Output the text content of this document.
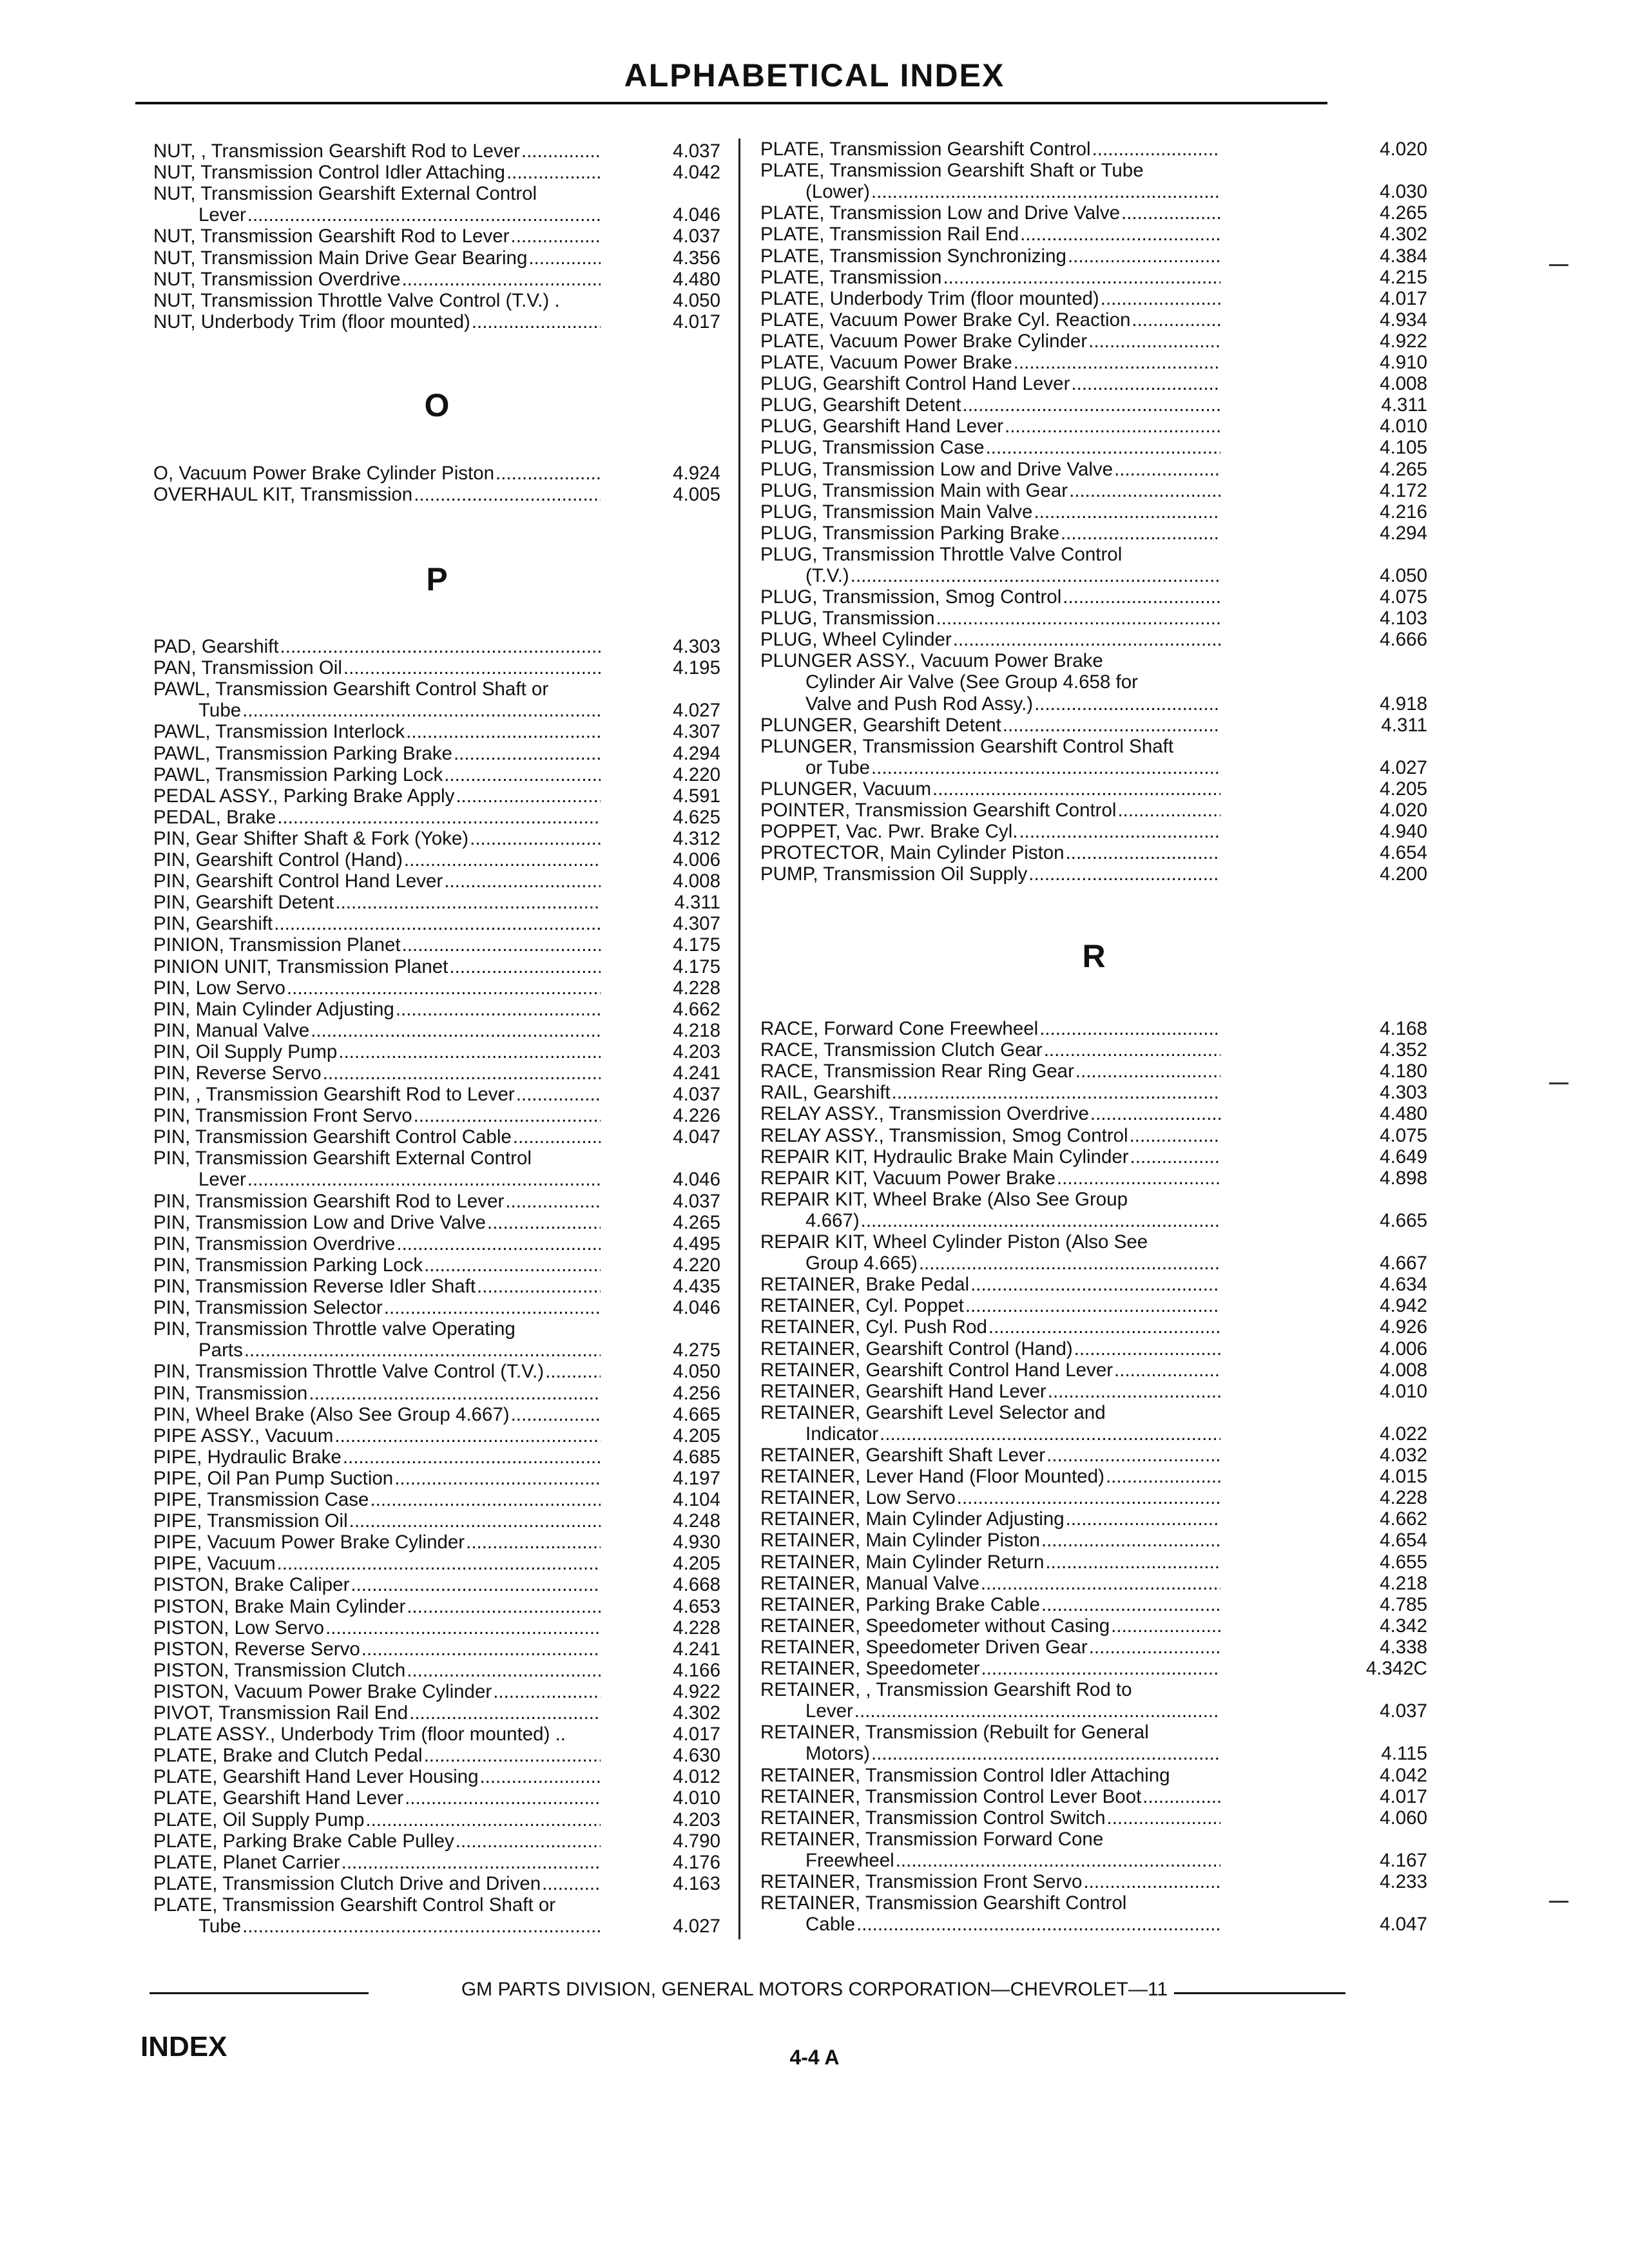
ALPHABETICAL INDEX
NUT, , Transmission Gearshift Rod to Lever .....	4.037
NUT, Transmission Control Idler Attaching .....	4.042
NUT, Transmission Gearshift External Control
Lever .....	4.046
NUT, Transmission Gearshift Rod to Lever .....	4.037
NUT, Transmission Main Drive Gear Bearing .....	4.356
NUT, Transmission Overdrive .....	4.480
NUT, Transmission Throttle Valve Control (T.V.) .	4.050
NUT, Underbody Trim (floor mounted) .....	4.017
O, Vacuum Power Brake Cylinder Piston .....	4.924
OVERHAUL KIT, Transmission .....	4.005
PAD, Gearshift .....	4.303
PAN, Transmission Oil .....	4.195
PAWL, Transmission Gearshift Control Shaft or
Tube .....	4.027
PAWL, Transmission Interlock .....	4.307
PAWL, Transmission Parking Brake .....	4.294
PAWL, Transmission Parking Lock .....	4.220
PEDAL ASSY., Parking Brake Apply .....	4.591
PEDAL, Brake .....	4.625
PIN, Gear Shifter Shaft & Fork (Yoke) .....	4.312
PIN, Gearshift Control (Hand) .....	4.006
PIN, Gearshift Control Hand Lever .....	4.008
PIN, Gearshift Detent .....	4.311
PIN, Gearshift .....	4.307
PINION, Transmission Planet .....	4.175
PINION UNIT, Transmission Planet .....	4.175
PIN, Low Servo .....	4.228
PIN, Main Cylinder Adjusting .....	4.662
PIN, Manual Valve .....	4.218
PIN, Oil Supply Pump .....	4.203
PIN, Reverse Servo .....	4.241
PIN, , Transmission Gearshift Rod to Lever .....	4.037
PIN, Transmission Front Servo .....	4.226
PIN, Transmission Gearshift Control Cable .....	4.047
PIN, Transmission Gearshift External Control
Lever .....	4.046
PIN, Transmission Gearshift Rod to Lever .....	4.037
PIN, Transmission Low and Drive Valve .....	4.265
PIN, Transmission Overdrive .....	4.495
PIN, Transmission Parking Lock .....	4.220
PIN, Transmission Reverse Idler Shaft .....	4.435
PIN, Transmission Selector .....	4.046
PIN, Transmission Throttle valve Operating
Parts .....	4.275
PIN, Transmission Throttle Valve Control (T.V.) .....	4.050
PIN, Transmission .....	4.256
PIN, Wheel Brake (Also See Group 4.667) .....	4.665
PIPE ASSY., Vacuum .....	4.205
PIPE, Hydraulic Brake .....	4.685
PIPE, Oil Pan Pump Suction .....	4.197
PIPE, Transmission Case .....	4.104
PIPE, Transmission Oil .....	4.248
PIPE, Vacuum Power Brake Cylinder .....	4.930
PIPE, Vacuum .....	4.205
PISTON, Brake Caliper .....	4.668
PISTON, Brake Main Cylinder .....	4.653
PISTON, Low Servo .....	4.228
PISTON, Reverse Servo .....	4.241
PISTON, Transmission Clutch .....	4.166
PISTON, Vacuum Power Brake Cylinder .....	4.922
PIVOT, Transmission Rail End .....	4.302
PLATE ASSY., Underbody Trim (floor mounted) ..	4.017
PLATE, Brake and Clutch Pedal .....	4.630
PLATE, Gearshift Hand Lever Housing .....	4.012
PLATE, Gearshift Hand Lever .....	4.010
PLATE, Oil Supply Pump .....	4.203
PLATE, Parking Brake Cable Pulley .....	4.790
PLATE, Planet Carrier .....	4.176
PLATE, Transmission Clutch Drive and Driven .....	4.163
PLATE, Transmission Gearshift Control Shaft or
Tube .....	4.027
PLATE, Transmission Gearshift Control .....	4.020
PLATE, Transmission Gearshift Shaft or Tube
(Lower) .....	4.030
PLATE, Transmission Low and Drive Valve .....	4.265
PLATE, Transmission Rail End .....	4.302
PLATE, Transmission Synchronizing .....	4.384
PLATE, Transmission .....	4.215
PLATE, Underbody Trim (floor mounted) .....	4.017
PLATE, Vacuum Power Brake Cyl. Reaction .....	4.934
PLATE, Vacuum Power Brake Cylinder .....	4.922
PLATE, Vacuum Power Brake .....	4.910
PLUG, Gearshift Control Hand Lever .....	4.008
PLUG, Gearshift Detent .....	4.311
PLUG, Gearshift Hand Lever .....	4.010
PLUG, Transmission Case .....	4.105
PLUG, Transmission Low and Drive Valve .....	4.265
PLUG, Transmission Main with Gear .....	4.172
PLUG, Transmission Main Valve .....	4.216
PLUG, Transmission Parking Brake .....	4.294
PLUG, Transmission Throttle Valve Control
(T.V.) .....	4.050
PLUG, Transmission, Smog Control .....	4.075
PLUG, Transmission .....	4.103
PLUG, Wheel Cylinder .....	4.666
PLUNGER ASSY., Vacuum Power Brake
Cylinder Air Valve (See Group 4.658 for
Valve and Push Rod Assy.) .....	4.918
PLUNGER, Gearshift Detent .....	4.311
PLUNGER, Transmission Gearshift Control Shaft
or Tube .....	4.027
PLUNGER, Vacuum .....	4.205
POINTER, Transmission Gearshift Control .....	4.020
POPPET, Vac. Pwr. Brake Cyl. .....	4.940
PROTECTOR, Main Cylinder Piston .....	4.654
PUMP, Transmission Oil Supply .....	4.200
RACE, Forward Cone Freewheel .....	4.168
RACE, Transmission Clutch Gear .....	4.352
RACE, Transmission Rear Ring Gear .....	4.180
RAIL, Gearshift .....	4.303
RELAY ASSY., Transmission Overdrive .....	4.480
RELAY ASSY., Transmission, Smog Control .....	4.075
REPAIR KIT, Hydraulic Brake Main Cylinder .....	4.649
REPAIR KIT, Vacuum Power Brake .....	4.898
REPAIR KIT, Wheel Brake (Also See Group
4.667) .....	4.665
REPAIR KIT, Wheel Cylinder Piston (Also See
Group 4.665) .....	4.667
RETAINER, Brake Pedal .....	4.634
RETAINER, Cyl. Poppet .....	4.942
RETAINER, Cyl. Push Rod .....	4.926
RETAINER, Gearshift Control (Hand) .....	4.006
RETAINER, Gearshift Control Hand Lever .....	4.008
RETAINER, Gearshift Hand Lever .....	4.010
RETAINER, Gearshift Level Selector and
Indicator .....	4.022
RETAINER, Gearshift Shaft Lever .....	4.032
RETAINER, Lever Hand (Floor Mounted) .....	4.015
RETAINER, Low Servo .....	4.228
RETAINER, Main Cylinder Adjusting .....	4.662
RETAINER, Main Cylinder Piston .....	4.654
RETAINER, Main Cylinder Return .....	4.655
RETAINER, Manual Valve .....	4.218
RETAINER, Parking Brake Cable .....	4.785
RETAINER, Speedometer without Casing .....	4.342
RETAINER, Speedometer Driven Gear .....	4.338
RETAINER, Speedometer .....	4.342C
RETAINER, , Transmission Gearshift Rod to
Lever .....	4.037
RETAINER, Transmission (Rebuilt for General
Motors) .....	4.115
RETAINER, Transmission Control Idler Attaching	4.042
RETAINER, Transmission Control Lever Boot .....	4.017
RETAINER, Transmission Control Switch .....	4.060
RETAINER, Transmission Forward Cone
Freewheel .....	4.167
RETAINER, Transmission Front Servo .....	4.233
RETAINER, Transmission Gearshift Control
Cable .....	4.047
O
P
R
GM PARTS DIVISION, GENERAL MOTORS CORPORATION—CHEVROLET—11
INDEX	4-4 A
